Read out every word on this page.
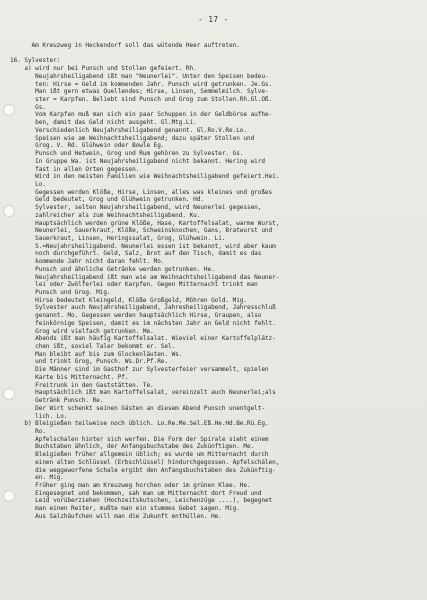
- 17 -
Am Kreuzweg in Heckendorf soll das wütende Heer auftreten.
16. Sylvester:
a) wird nur bei Punsch und Stollen gefeiert. Rh.
Neujahrsheiligabend ißt man "Neunerlei". Unter den Speisen bedeu-
ten: Hirse = Geld im kommenden Jahr. Punsch wird getrunken. Je.Gs.
Man ißt gern etwas Quellendes; Hirse, Linsen, Semmelmilch. Sylve-
ster = Karpfen. Beliebt sind Punsch und Grog zum Stollen.Rh.Gl.Oß.
Gs.
Vom Karpfen muß man sich ein paar Schuppen in der Geldbörse aufhe-
ben, damit das Geld nicht ausgeht. Gl.Mtg.Li.
Verschiedenlich Neujahrsheiligabend genannt. Gl.Ro.V.Re.Lo.
Speisen wie am Weihnachtsheiligabend; dazu später Stollen und
Grog. V. Rd. Glühwein oder Bowle Eg.
Punsch und Hetwein, Grog und Rum gehören zu Sylvester. Gs.
In Gruppe Wa. ist Neujahrsheiligabend nicht bekannt. Hering wird
fast in allen Orten gegessen.
Wird in den meisten Familien wie Weihnachtsheiligabend gefeiert.Hei.
Lo.
Gegessen werden Klöße, Hirse, Linsen, alles was kleines und großes
Geld bedeutet, Grog und Glühwein getrunken. Hd.
Sylvester, selten Neujahrsheiligabend, wird Neunerlei gegessen,
zahlreicher als zum Weihnachtsheiligabend. Ku.
Hauptsächlich werden grüne Klöße, Hase, Kartoffelsalat, warme Wurst,
Neunerlei, Sauerkraut, Klöße, Schweinsknochen, Gans, Bratwurst und
Sauerkraut, Linsen, Heringssalat, Grog, Glühwein. Li.
S.=Neujahrsheiligabend. Neunerlei essen ist bekannt, wird aber kaum
noch durchgeführt. Geld, Salz, Brot auf den Tisch, damit es das
kommende Jahr nicht daran fehlt. Mo.
Punsch und ähnliche Getränke werden getrunken. He.
Neujahrsheiligabend ißt man wie am Weihnachtsheiligabend das Neuner-
lei oder Zwölferlei oder Karpfen. Gegen Mitternacht trinkt man
Punsch und Grog. Mig.
Hirse bedeutet Kleingeld, Klöße Großgeld, Möhren Gold. Mig.
Sylvester auch Neujahrsheiligabend, Jahresheiligabend, Jahresschluß
genannt. Mo. Gegessen werden hauptsächlich Hirse, Graupen, also
feinkörnige Speisen, damit es im nächsten Jahr an Geld nicht fehlt.
Grog wird vielfach getrunken. Me.
Abends ißt man häufig Kartoffelsalat. Wieviel einer Kartoffelplätz-
chen ißt, soviel Taler bekommt er. Sel.
Man bleibt auf bis zum Glockenläuten. Ws.
und trinkt Grog, Punsch. Ws.Dr.Pf.Re.
Die Männer sind im Gasthof zur Sylvesterfeier versammelt, spielen
Karte bis Mitternacht. Pf.
Freitrunk in den Gaststätten. Te.
Hauptsächlich ißt man Kartoffelsalat, vereinzelt auch Neunerlei;als
Getränk Punsch. Re.
Der Wirt schenkt seinen Gästen an diesem Abend Punsch unentgelt-
lich. Lo.
b) Bleigießen teilweise noch üblich. Lo.Re.Me.Sel.Eß.He.Hd.Be.Rü.Eg.
Ro.
Apfelschalen hinter sich werfen. Die Form der Spirale sieht einem
Buchstaben ähnlich, der Anfangsbuchstabe des Zukünftigen. Me.
Bleigießen früher allgemein üblich; es wurde um Mitternacht durch
einen alten Schlüssel (Erbschlüssel) hindurchgegossen. Apfelschälen,
die weggeworfene Schale ergibt den Anfangsbuchstaben des Zukünftig-
en. Mig.
Früher ging man am Kreuzweg horchen oder im grünen Klee. He.
Eingesegnet und bekommen, sah man um Mitternacht dort Freud und
Leid vorüberziehen (Hochzeitskutschen, Leichenzüge ....), begegnet
man einen Reiter, mußte man ein stummes Gebet sagen. Mig.
Aus Salzhäufchen will man die Zukunft enthüllen. He.
